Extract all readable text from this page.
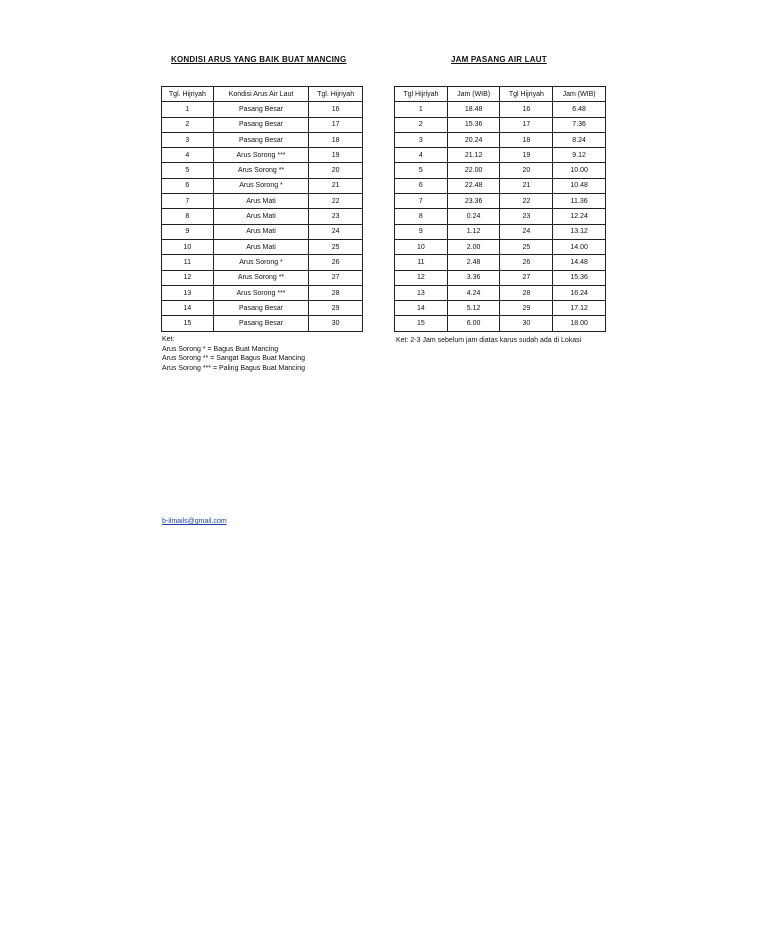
KONDISI ARUS YANG BAIK BUAT MANCING
Tgl. Hijriyah	Kondisi Arus Air Laut	Tgl. Hijriyah
1	Pasang Besar	16
2	Pasang Besar	17
3	Pasang Besar	18
4	Arus Sorong ***	19
5	Arus Sorong **	20
6	Arus Sorong *	21
7	Arus Mati	22
8	Arus Mati	23
9	Arus Mati	24
10	Arus Mati	25
11	Arus Sorong *	26
12	Arus Sorong **	27
13	Arus Sorong ***	28
14	Pasang Besar	29
15	Pasang Besar	30
Ket:
Arus Sorong * = Bagus Buat Mancing
Arus Sorong ** = Sangat Bagus Buat Mancing
Arus Sorong *** = Paling Bagus Buat Mancing
JAM PASANG AIR LAUT
Tgl Hijriyah	Jam (WIB)	Tgl Hijriyah	Jam (WIB)
1	18.48	16	6.48
2	15.36	17	7.36
3	20.24	18	8.24
4	21.12	19	9.12
5	22.00	20	10.00
6	22.48	21	10.48
7	23.36	22	11.36
8	0.24	23	12.24
9	1.12	24	13.12
10	2.00	25	14.00
11	2.48	26	14.48
12	3.36	27	15.36
13	4.24	28	16.24
14	5.12	29	17.12
15	6.00	30	18.00
Ket: 2-3 Jam sebelum jam diatas karus sudah ada di Lokasi
b-ilmails@gmail.com
